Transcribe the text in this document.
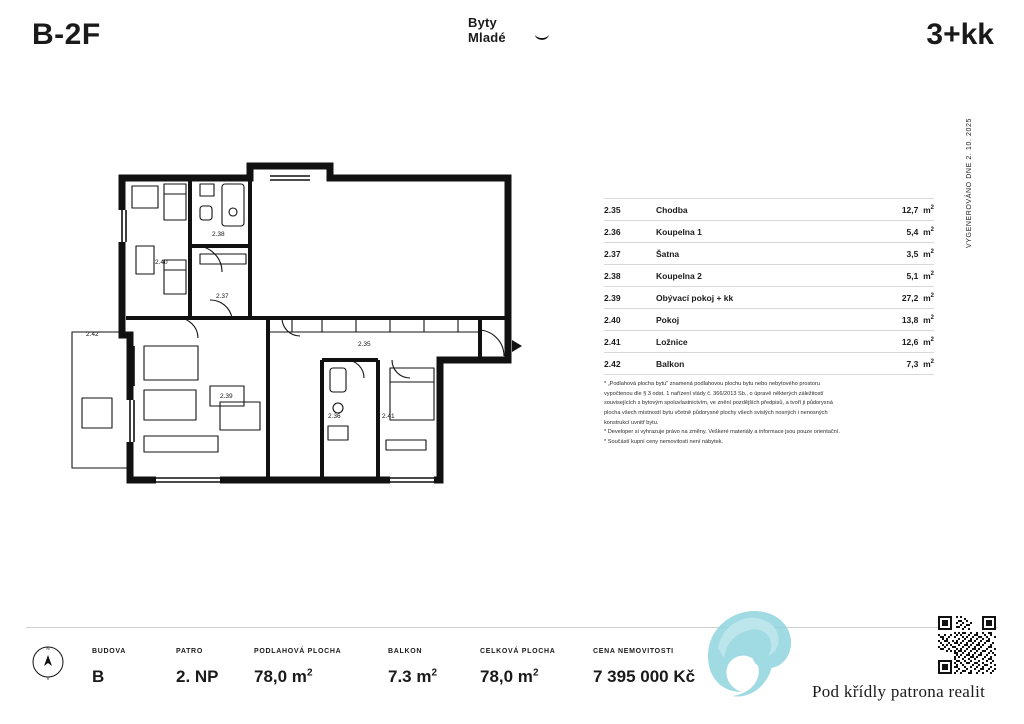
B-2F	Byty
Mladé	3+kk
2.40
2.38
2.37
2.35
2.39
2.36	2.41
2.42
2.35	Chodba	12,7  $m^2$
2.36	Koupelna 1	5,4  $m^2$
2.37	Šatna	3,5  $m^2$
2.38	Koupelna 2	5,1  $m^2$
2.39	Obývací pokoj + kk	27,2  $m^2$
2.40	Pokoj	13,8  $m^2$
2.41	Ložnice	12,6  $m^2$
2.42	Balkon	7,3  $m^2$

* „Podlahová plocha bytu" znamená podlahovou plochu bytu nebo nebytového prostoru

vypočtenou dle § 3 odst. 1 nařízení vlády č. 366/2013 Sb., o úpravě některých záležitostí

souvisejících s bytovým spoluvlastnictvím, ve znění pozdějších předpisů, a tvoří ji půdorysná

plocha všech místností bytu včetně půdorysné plochy všech svislých nosných i nenosných

konstrukcí uvnitř bytu.

* Developer si vyhrazuje právo na změny. Veškeré materiály a informace jsou pouze orientační.

* Součástí kupní ceny nemovitosti není nábytek.

VYGENEROVÁNO DNE 2. 10. 2025
N
V
BUDOVA
B
PATRO
2. NP
PODLAHOVÁ PLOCHA
78,0 $m^2$
BALKON
7.3 $m^2$
CELKOVÁ PLOCHA
78,0 $m^2$
CENA NEMOVITOSTI
7 395 000 Kč
Pod křídly patrona realit
